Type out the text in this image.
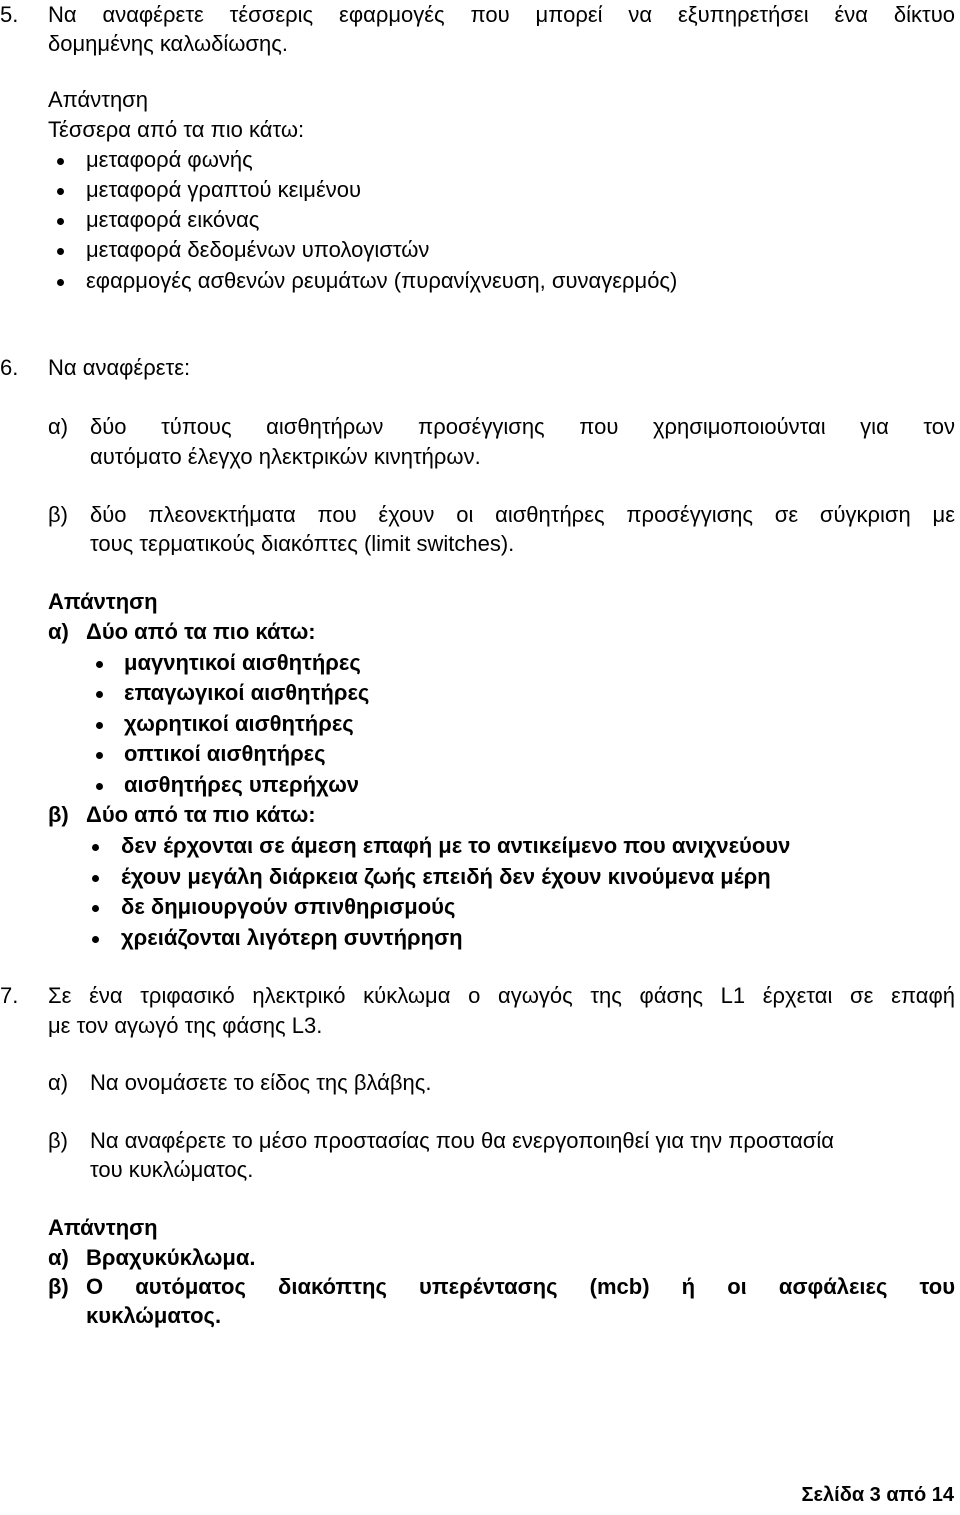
5. Να αναφέρετε τέσσερις εφαρμογές που μπορεί να εξυπηρετήσει ένα δίκτυο
δομημένης καλωδίωσης.
Απάντηση
Τέσσερα από τα πιο κάτω:
μεταφορά φωνής
μεταφορά γραπτού κειμένου
μεταφορά εικόνας
μεταφορά δεδομένων υπολογιστών
εφαρμογές ασθενών ρευμάτων (πυρανίχνευση, συναγερμός)
6. Να αναφέρετε:
α) δύο τύπους αισθητήρων προσέγγισης που χρησιμοποιούνται για τον
αυτόματο έλεγχο ηλεκτρικών κινητήρων.
β) δύο πλεονεκτήματα που έχουν οι αισθητήρες προσέγγισης σε σύγκριση με
τους τερματικούς διακόπτες (limit switches).
Απάντηση
α) Δύο από τα πιο κάτω:
μαγνητικοί αισθητήρες
επαγωγικοί αισθητήρες
χωρητικοί αισθητήρες
οπτικοί αισθητήρες
αισθητήρες υπερήχων
β) Δύο από τα πιο κάτω:
δεν έρχονται σε άμεση επαφή με το αντικείμενο που ανιχνεύουν
έχουν μεγάλη διάρκεια ζωής επειδή δεν έχουν κινούμενα μέρη
δε δημιουργούν σπινθηρισμούς
χρειάζονται λιγότερη συντήρηση
7. Σε ένα τριφασικό ηλεκτρικό κύκλωμα ο αγωγός της φάσης L1 έρχεται σε επαφή
με τον αγωγό της φάσης L3.
α) Να ονομάσετε το είδος της βλάβης.
β) Να αναφέρετε το μέσο προστασίας που θα ενεργοποιηθεί για την προστασία
του κυκλώματος.
Απάντηση
α) Βραχυκύκλωμα.
β) Ο αυτόματος διακόπτης υπερέντασης (mcb) ή οι ασφάλειες του
κυκλώματος.
Σελίδα 3 από 14
